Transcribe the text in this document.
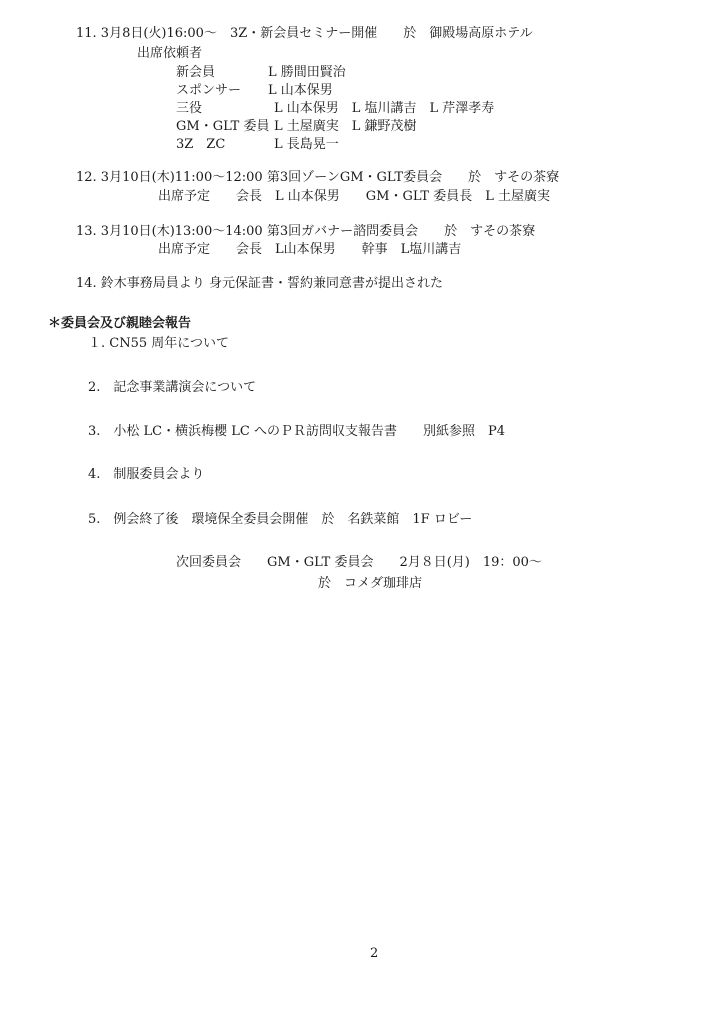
11. 3月8日(火)16:00～　3Z・新会員セミナー開催　　於　御殿場高原ホテル
出席依頼者
新会員	L 勝間田賢治
スポンサー L 山本保男
三役	L 山本保男　L 塩川講吉　L 芹澤孝寿
GM・GLT 委員 L 土屋廣実　L 鎌野茂樹
3Z　ZC	L 長島晃一
12. 3月10日(木)11:00～12:00 第3回ゾーンGM・GLT委員会　　於　すその茶寮
出席予定　　会長　L 山本保男　　GM・GLT 委員長　L 土屋廣実
13. 3月10日(木)13:00～14:00 第3回ガバナー諮問委員会　　於　すその茶寮
出席予定　　会長　L山本保男　　幹事　L塩川講吉
14. 鈴木事務局員より 身元保証書・誓約兼同意書が提出された
＊委員会及び親睦会報告
１. CN55 周年について
2.　記念事業講演会について
3.　小松 LC・横浜梅櫻 LC へのＰＲ訪問収支報告書　　別紙参照　P4
4.　制服委員会より
5.　例会終了後　環境保全委員会開催　於　名鉄菜館　1F ロビー
次回委員会　　GM・GLT 委員会　　2月８日(月)　19：00～
於　コメダ珈琲店
2
